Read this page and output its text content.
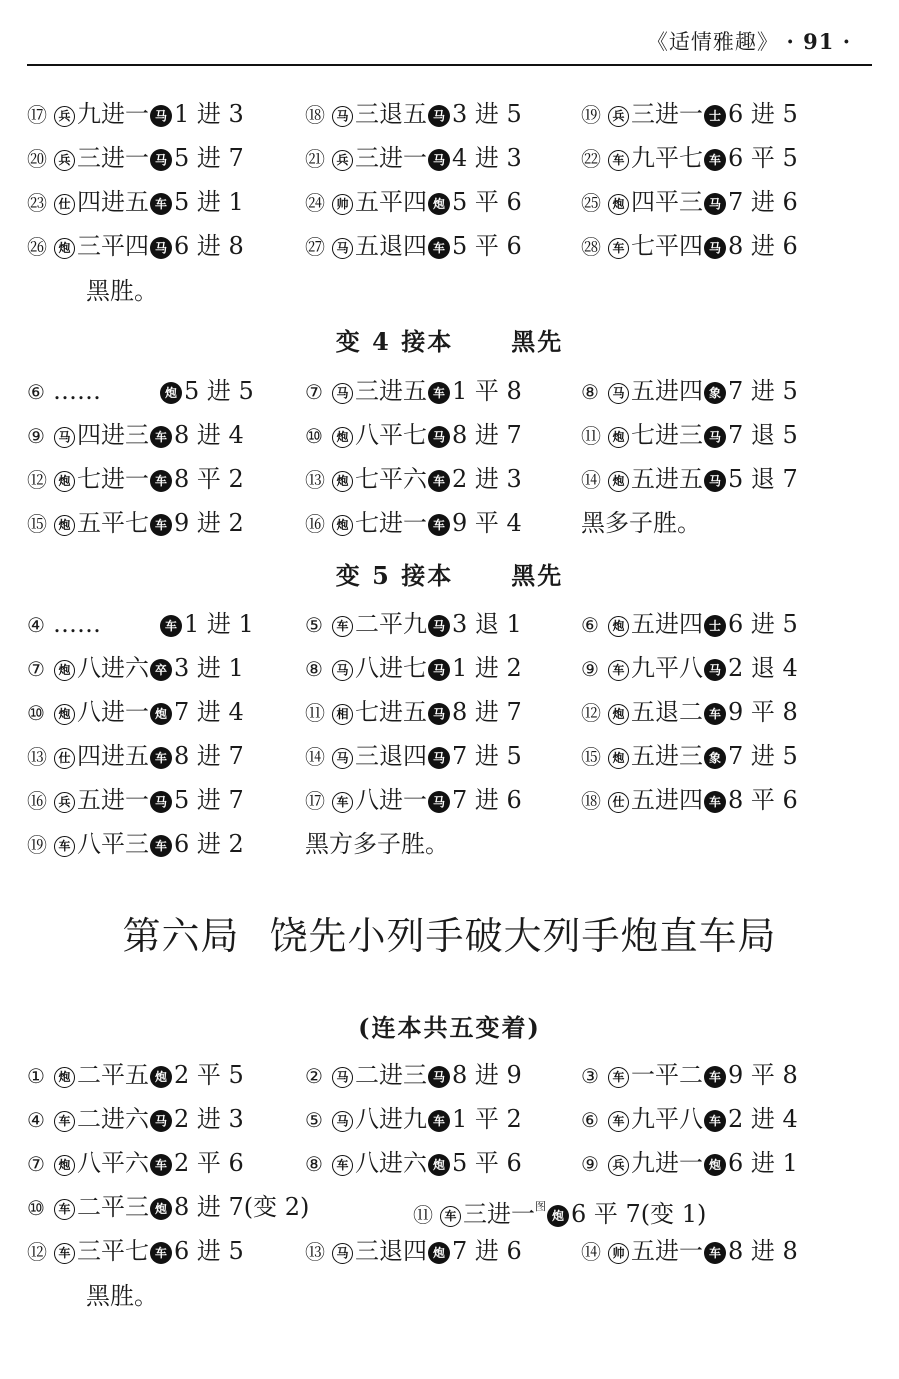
《适情雅趣》 · 91 ·
⑰ 兵 九进一 马 1 进 3	⑱ 马 三退五 马 3 进 5	⑲ 兵 三进一 士 6 进 5
⑳ 兵 三进一 马 5 进 7	㉑ 兵 三进一 马 4 进 3	㉒ 车 九平七 车 6 平 5
㉓ 仕 四进五 车 5 进 1	㉔ 帅 五平四 炮 5 平 6	㉕ 炮 四平三 马 7 进 6
㉖ 炮 三平四 马 6 进 8	㉗ 马 五退四 车 5 平 6	㉘ 车 七平四 马 8 进 6
黑胜。
变 4 接本 黑先
⑥ ……	炮 5 进 5	⑦ 马 三进五 车 1 平 8	⑧ 马 五进四 象 7 进 5
⑨ 马 四进三 车 8 进 4	⑩ 炮 八平七 马 8 进 7	⑪ 炮 七进三 马 7 退 5
⑫ 炮 七进一 车 8 平 2	⑬ 炮 七平六 车 2 进 3	⑭ 炮 五进五 马 5 退 7
⑮ 炮 五平七 车 9 进 2	⑯ 炮 七进一 车 9 平 4 黑多子胜。
变 5 接本 黑先
④ ……	车 1 进 1	⑤ 车 二平九 马 3 退 1	⑥ 炮 五进四 士 6 进 5
⑦ 炮 八进六 卒 3 进 1	⑧ 马 八进七 马 1 进 2	⑨ 车 九平八 马 2 退 4
⑩ 炮 八进一 炮 7 进 4	⑪ 相 七进五 马 8 进 7	⑫ 炮 五退二 车 9 平 8
⑬ 仕 四进五 车 8 进 7	⑭ 马 三退四 马 7 进 5	⑮ 炮 五进三 象 7 进 5
⑯ 兵 五进一 马 5 进 7	⑰ 车 八进一 马 7 进 6	⑱ 仕 五进四 车 8 平 6
⑲ 车 八平三 车 6 进 2	黑方多子胜。
第六局 饶先小列手破大列手炮直车局
(连本共五变着)
① 炮 二平五 炮 2 平 5	② 马 二进三 马 8 进 9	③ 车 一平二 车 9 平 8
④ 车 二进六 马 2 进 3	⑤ 马 八进九 车 1 平 2	⑥ 车 九平八 车 2 进 4
⑦ 炮 八平六 车 2 平 6	⑧ 车 八进六 炮 5 平 6	⑨ 兵 九进一 炮 6 进 1
⑩ 车 二平三 炮 8 进 7(变 2)	⑪ 车 三进一$^图$炮 6 平 7(变 1)
⑫ 车 三平七 车 6 进 5	⑬ 马 三退四 炮 7 进 6	⑭ 帅 五进一 车 8 进 8
黑胜。
